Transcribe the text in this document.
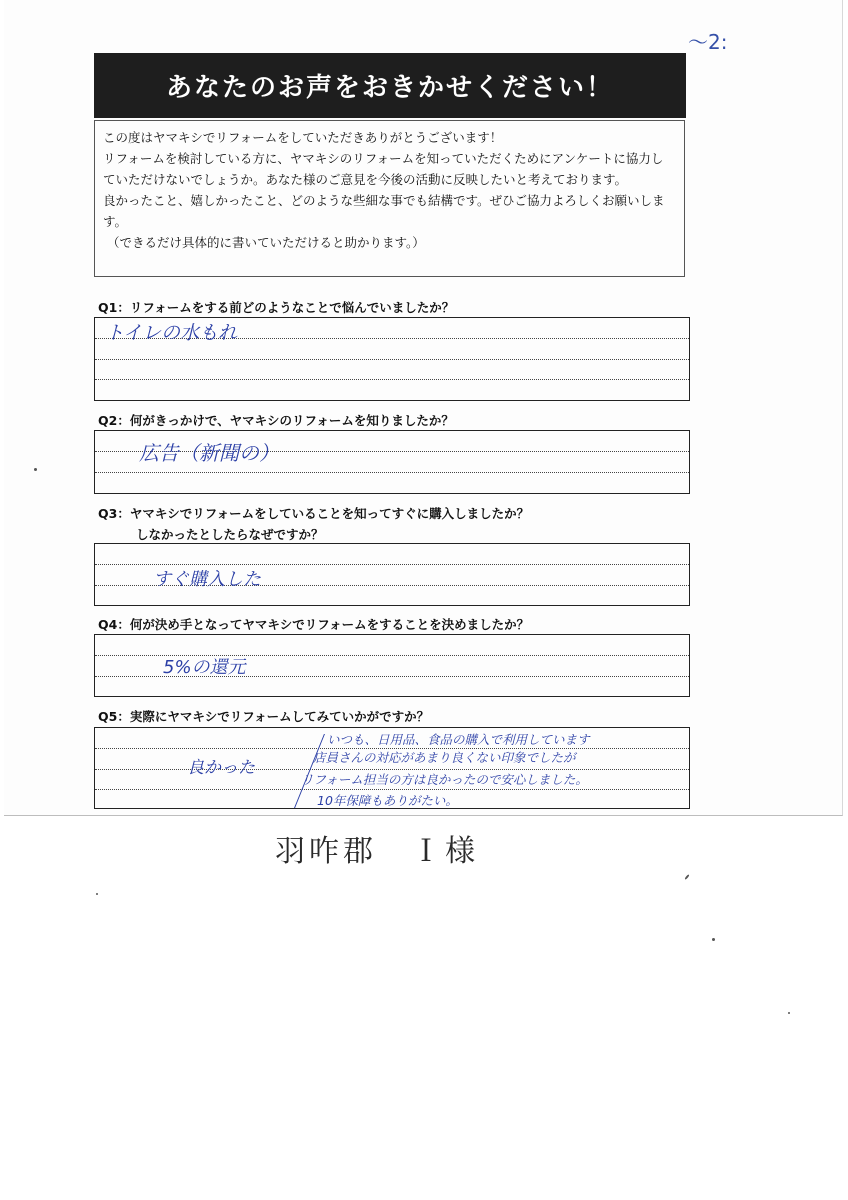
〜2:
あなたのお声をおきかせください！

この度はヤマキシでリフォームをしていただきありがとうございます！

リフォームを検討している方に、ヤマキシのリフォームを知っていただくためにアンケートに協力し

ていただけないでしょうか。あなた様のご意見を今後の活動に反映したいと考えております。

良かったこと、嬉しかったこと、どのような些細な事でも結構です。ぜひご協力よろしくお願いしま

す。

（できるだけ具体的に書いていただけると助かります。）

Q1：リフォームをする前どのようなことで悩んでいましたか？
トイレの水もれ
Q2：何がきっかけで、ヤマキシのリフォームを知りましたか？
広告（新聞の）
Q3：ヤマキシでリフォームをしていることを知ってすぐに購入しましたか？
しなかったとしたらなぜですか？
すぐ購入した
Q4：何が決め手となってヤマキシでリフォームをすることを決めましたか？
5%の還元
Q5：実際にヤマキシでリフォームしてみていかがですか？
良かった
いつも、日用品、食品の購入で利用しています
店員さんの対応があまり良くない印象でしたが
リフォーム担当の方は良かったので安心しました。
10年保障もありがたい。
羽咋郡　Ｉ様
